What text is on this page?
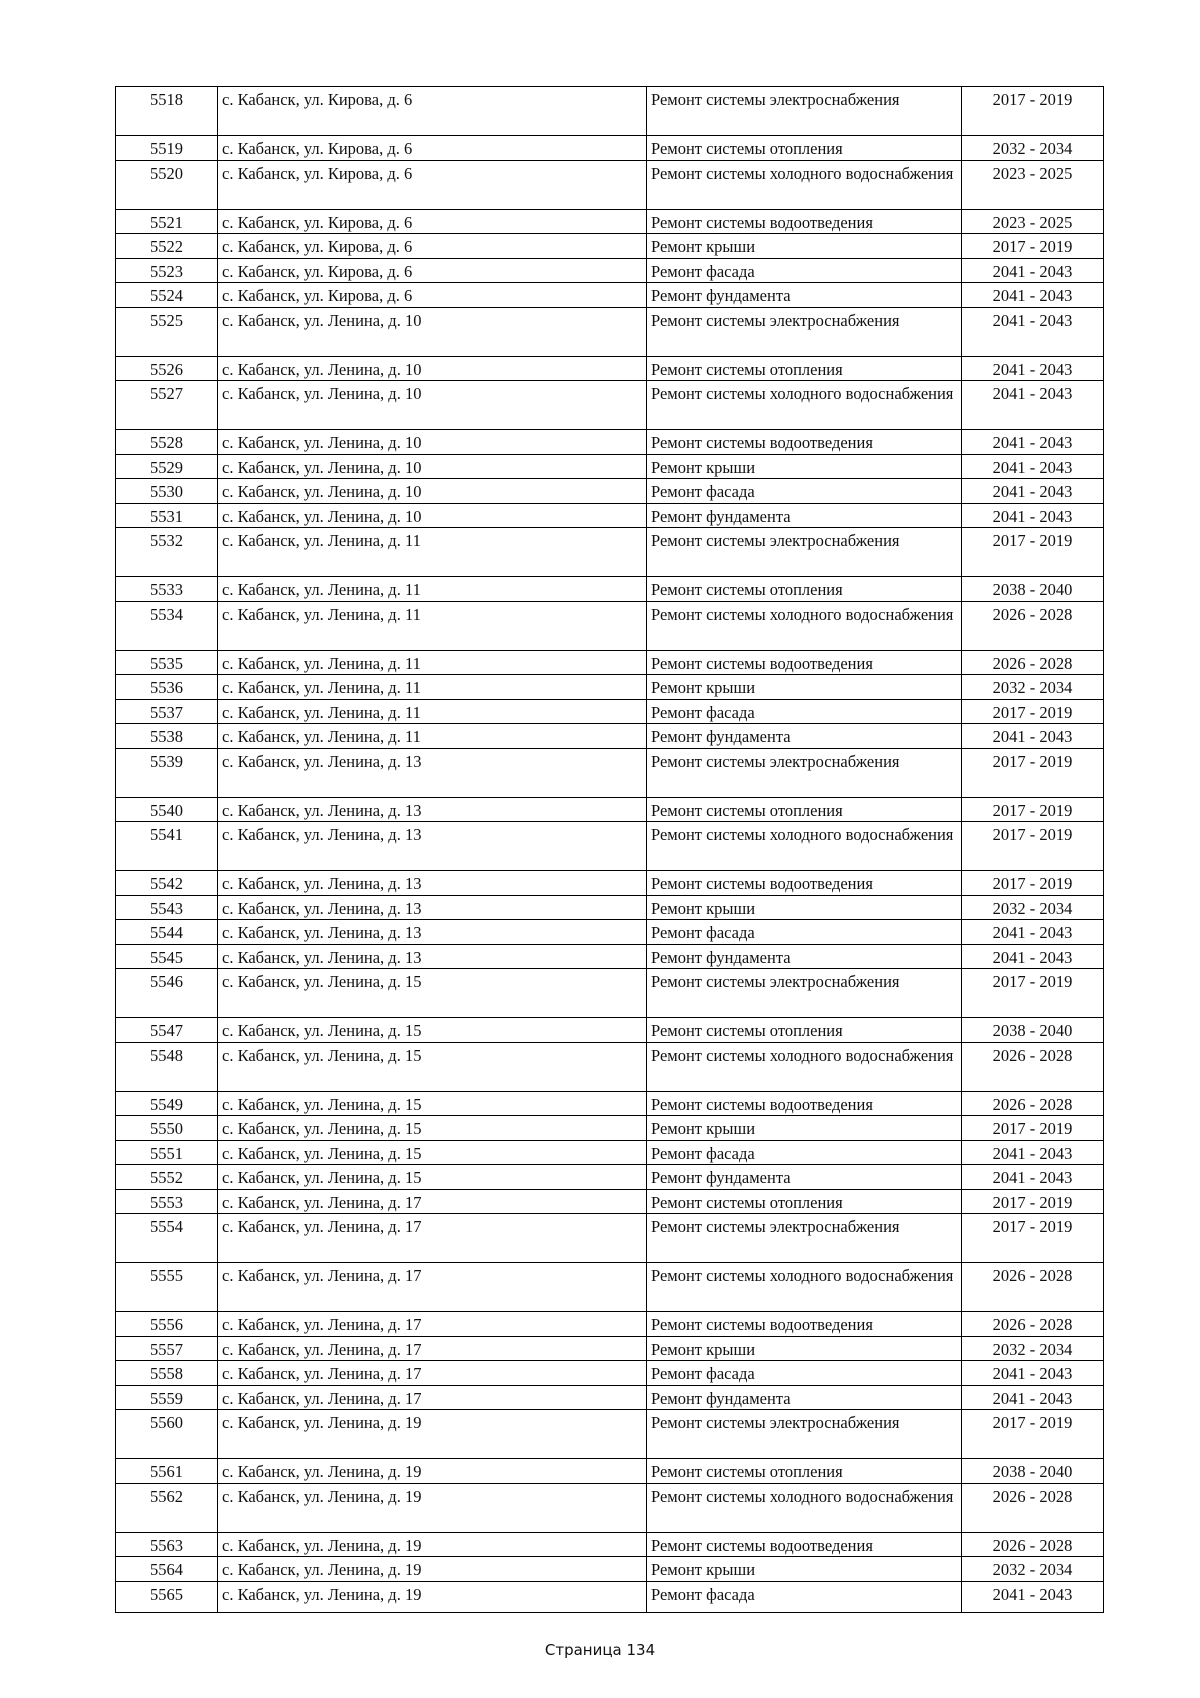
5518	с. Кабанск, ул. Кирова, д. 6	Ремонт системы электроснабжения	2017 - 2019
5519	с. Кабанск, ул. Кирова, д. 6	Ремонт системы отопления	2032 - 2034
5520	с. Кабанск, ул. Кирова, д. 6	Ремонт системы холодного водоснабжения	2023 - 2025
5521	с. Кабанск, ул. Кирова, д. 6	Ремонт системы водоотведения	2023 - 2025
5522	с. Кабанск, ул. Кирова, д. 6	Ремонт крыши	2017 - 2019
5523	с. Кабанск, ул. Кирова, д. 6	Ремонт фасада	2041 - 2043
5524	с. Кабанск, ул. Кирова, д. 6	Ремонт фундамента	2041 - 2043
5525	с. Кабанск, ул. Ленина, д. 10	Ремонт системы электроснабжения	2041 - 2043
5526	с. Кабанск, ул. Ленина, д. 10	Ремонт системы отопления	2041 - 2043
5527	с. Кабанск, ул. Ленина, д. 10	Ремонт системы холодного водоснабжения	2041 - 2043
5528	с. Кабанск, ул. Ленина, д. 10	Ремонт системы водоотведения	2041 - 2043
5529	с. Кабанск, ул. Ленина, д. 10	Ремонт крыши	2041 - 2043
5530	с. Кабанск, ул. Ленина, д. 10	Ремонт фасада	2041 - 2043
5531	с. Кабанск, ул. Ленина, д. 10	Ремонт фундамента	2041 - 2043
5532	с. Кабанск, ул. Ленина, д. 11	Ремонт системы электроснабжения	2017 - 2019
5533	с. Кабанск, ул. Ленина, д. 11	Ремонт системы отопления	2038 - 2040
5534	с. Кабанск, ул. Ленина, д. 11	Ремонт системы холодного водоснабжения	2026 - 2028
5535	с. Кабанск, ул. Ленина, д. 11	Ремонт системы водоотведения	2026 - 2028
5536	с. Кабанск, ул. Ленина, д. 11	Ремонт крыши	2032 - 2034
5537	с. Кабанск, ул. Ленина, д. 11	Ремонт фасада	2017 - 2019
5538	с. Кабанск, ул. Ленина, д. 11	Ремонт фундамента	2041 - 2043
5539	с. Кабанск, ул. Ленина, д. 13	Ремонт системы электроснабжения	2017 - 2019
5540	с. Кабанск, ул. Ленина, д. 13	Ремонт системы отопления	2017 - 2019
5541	с. Кабанск, ул. Ленина, д. 13	Ремонт системы холодного водоснабжения	2017 - 2019
5542	с. Кабанск, ул. Ленина, д. 13	Ремонт системы водоотведения	2017 - 2019
5543	с. Кабанск, ул. Ленина, д. 13	Ремонт крыши	2032 - 2034
5544	с. Кабанск, ул. Ленина, д. 13	Ремонт фасада	2041 - 2043
5545	с. Кабанск, ул. Ленина, д. 13	Ремонт фундамента	2041 - 2043
5546	с. Кабанск, ул. Ленина, д. 15	Ремонт системы электроснабжения	2017 - 2019
5547	с. Кабанск, ул. Ленина, д. 15	Ремонт системы отопления	2038 - 2040
5548	с. Кабанск, ул. Ленина, д. 15	Ремонт системы холодного водоснабжения	2026 - 2028
5549	с. Кабанск, ул. Ленина, д. 15	Ремонт системы водоотведения	2026 - 2028
5550	с. Кабанск, ул. Ленина, д. 15	Ремонт крыши	2017 - 2019
5551	с. Кабанск, ул. Ленина, д. 15	Ремонт фасада	2041 - 2043
5552	с. Кабанск, ул. Ленина, д. 15	Ремонт фундамента	2041 - 2043
5553	с. Кабанск, ул. Ленина, д. 17	Ремонт системы отопления	2017 - 2019
5554	с. Кабанск, ул. Ленина, д. 17	Ремонт системы электроснабжения	2017 - 2019
5555	с. Кабанск, ул. Ленина, д. 17	Ремонт системы холодного водоснабжения	2026 - 2028
5556	с. Кабанск, ул. Ленина, д. 17	Ремонт системы водоотведения	2026 - 2028
5557	с. Кабанск, ул. Ленина, д. 17	Ремонт крыши	2032 - 2034
5558	с. Кабанск, ул. Ленина, д. 17	Ремонт фасада	2041 - 2043
5559	с. Кабанск, ул. Ленина, д. 17	Ремонт фундамента	2041 - 2043
5560	с. Кабанск, ул. Ленина, д. 19	Ремонт системы электроснабжения	2017 - 2019
5561	с. Кабанск, ул. Ленина, д. 19	Ремонт системы отопления	2038 - 2040
5562	с. Кабанск, ул. Ленина, д. 19	Ремонт системы холодного водоснабжения	2026 - 2028
5563	с. Кабанск, ул. Ленина, д. 19	Ремонт системы водоотведения	2026 - 2028
5564	с. Кабанск, ул. Ленина, д. 19	Ремонт крыши	2032 - 2034
5565	с. Кабанск, ул. Ленина, д. 19	Ремонт фасада	2041 - 2043
Страница 134
